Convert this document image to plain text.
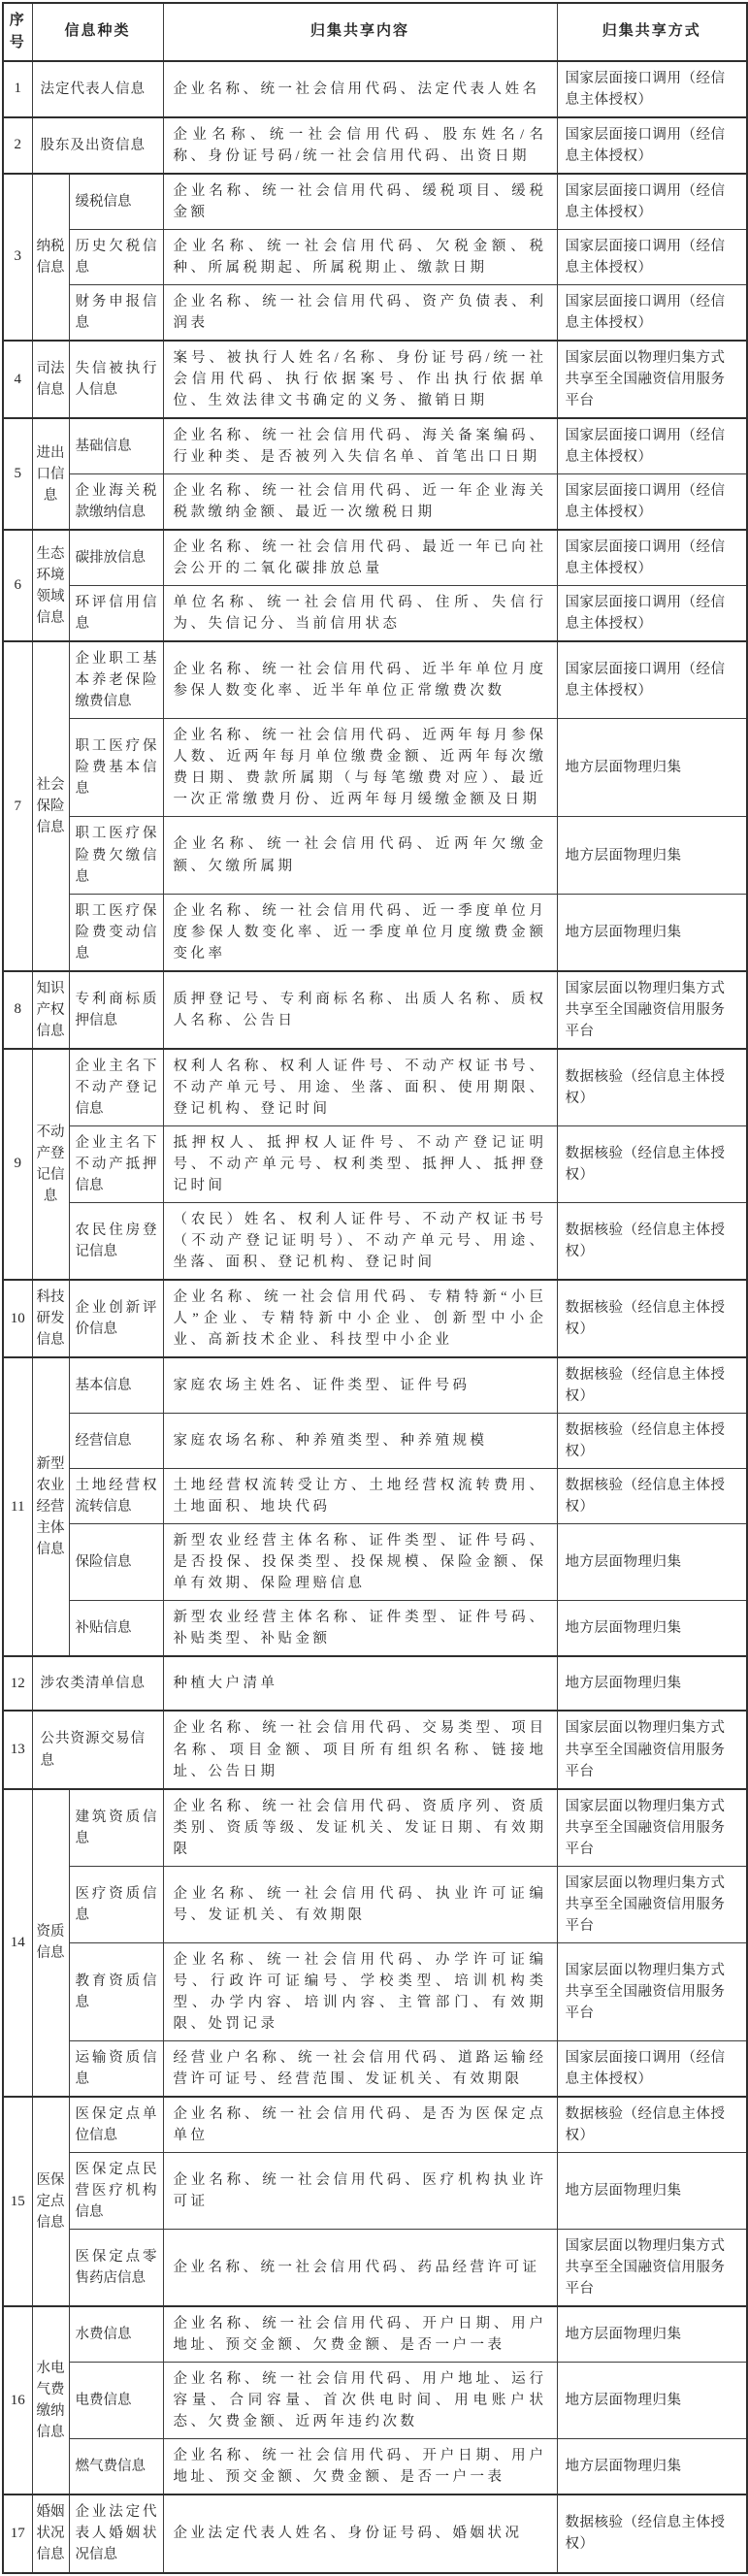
序号	信息种类		归集共享内容	归集共享方式
1	法定代表人信息		企业名称、统一社会信用代码、法定代表人姓名	国家层面接口调用（经信息主体授权）
2	股东及出资信息		企业名称、统一社会信用代码、股东姓名/名称、身份证号码/统一社会信用代码、出资日期	国家层面接口调用（经信息主体授权）
3	纳税信息	缓税信息	企业名称、统一社会信用代码、缓税项目、缓税金额	国家层面接口调用（经信息主体授权）
		历史欠税信息	企业名称、统一社会信用代码、欠税金额、税种、所属税期起、所属税期止、缴款日期	国家层面接口调用（经信息主体授权）
		财务申报信息	企业名称、统一社会信用代码、资产负债表、利润表	国家层面接口调用（经信息主体授权）
4	司法信息	失信被执行人信息	案号、被执行人姓名/名称、身份证号码/统一社会信用代码、执行依据案号、作出执行依据单位、生效法律文书确定的义务、撤销日期	国家层面以物理归集方式共享至全国融资信用服务平台
5	进出口信息	基础信息	企业名称、统一社会信用代码、海关备案编码、行业种类、是否被列入失信名单、首笔出口日期	国家层面接口调用（经信息主体授权）
		企业海关税款缴纳信息	企业名称、统一社会信用代码、近一年企业海关税款缴纳金额、最近一次缴税日期	国家层面接口调用（经信息主体授权）
6	生态环境领域信息	碳排放信息	企业名称、统一社会信用代码、最近一年已向社会公开的二氧化碳排放总量	国家层面接口调用（经信息主体授权）
		环评信用信息	单位名称、统一社会信用代码、住所、失信行为、失信记分、当前信用状态	国家层面接口调用（经信息主体授权）
7	社会保险信息	企业职工基本养老保险缴费信息	企业名称、统一社会信用代码、近半年单位月度参保人数变化率、近半年单位正常缴费次数	国家层面接口调用（经信息主体授权）
		职工医疗保险费基本信息	企业名称、统一社会信用代码、近两年每月参保人数、近两年每月单位缴费金额、近两年每次缴费日期、费款所属期（与每笔缴费对应）、最近一次正常缴费月份、近两年每月缓缴金额及日期	地方层面物理归集
		职工医疗保险费欠缴信息	企业名称、统一社会信用代码、近两年欠缴金额、欠缴所属期	地方层面物理归集
		职工医疗保险费变动信息	企业名称、统一社会信用代码、近一季度单位月度参保人数变化率、近一季度单位月度缴费金额变化率	地方层面物理归集
8	知识产权信息	专利商标质押信息	质押登记号、专利商标名称、出质人名称、质权人名称、公告日	国家层面以物理归集方式共享至全国融资信用服务平台
9	不动产登记信息	企业主名下不动产登记信息	权利人名称、权利人证件号、不动产权证书号、不动产单元号、用途、坐落、面积、使用期限、登记机构、登记时间	数据核验（经信息主体授权）
		企业主名下不动产抵押信息	抵押权人、抵押权人证件号、不动产登记证明号、不动产单元号、权利类型、抵押人、抵押登记时间	数据核验（经信息主体授权）
		农民住房登记信息	（农民）姓名、权利人证件号、不动产权证书号（不动产登记证明号）、不动产单元号、用途、坐落、面积、登记机构、登记时间	数据核验（经信息主体授权）
10	科技研发信息	企业创新评价信息	企业名称、统一社会信用代码、专精特新“小巨人”企业、专精特新中小企业、创新型中小企业、高新技术企业、科技型中小企业	数据核验（经信息主体授权）
11	新型农业经营主体信息	基本信息	家庭农场主姓名、证件类型、证件号码	数据核验（经信息主体授权）
		经营信息	家庭农场名称、种养殖类型、种养殖规模	数据核验（经信息主体授权）
		土地经营权流转信息	土地经营权流转受让方、土地经营权流转费用、土地面积、地块代码	数据核验（经信息主体授权）
		保险信息	新型农业经营主体名称、证件类型、证件号码、是否投保、投保类型、投保规模、保险金额、保单有效期、保险理赔信息	地方层面物理归集
		补贴信息	新型农业经营主体名称、证件类型、证件号码、补贴类型、补贴金额	地方层面物理归集
12	涉农类清单信息		种植大户清单	地方层面物理归集
13	公共资源交易信息		企业名称、统一社会信用代码、交易类型、项目名称、项目金额、项目所有组织名称、链接地址、公告日期	国家层面以物理归集方式共享至全国融资信用服务平台
14	资质信息	建筑资质信息	企业名称、统一社会信用代码、资质序列、资质类别、资质等级、发证机关、发证日期、有效期限	国家层面以物理归集方式共享至全国融资信用服务平台
		医疗资质信息	企业名称、统一社会信用代码、执业许可证编号、发证机关、有效期限	国家层面以物理归集方式共享至全国融资信用服务平台
		教育资质信息	企业名称、统一社会信用代码、办学许可证编号、行政许可证编号、学校类型、培训机构类型、办学内容、培训内容、主管部门、有效期限、处罚记录	国家层面以物理归集方式共享至全国融资信用服务平台
		运输资质信息	经营业户名称、统一社会信用代码、道路运输经营许可证号、经营范围、发证机关、有效期限	国家层面接口调用（经信息主体授权）
15	医保定点信息	医保定点单位信息	企业名称、统一社会信用代码、是否为医保定点单位	数据核验（经信息主体授权）
		医保定点民营医疗机构信息	企业名称、统一社会信用代码、医疗机构执业许可证	地方层面物理归集
		医保定点零售药店信息	企业名称、统一社会信用代码、药品经营许可证	国家层面以物理归集方式共享至全国融资信用服务平台
16	水电气费缴纳信息	水费信息	企业名称、统一社会信用代码、开户日期、用户地址、预交金额、欠费金额、是否一户一表	地方层面物理归集
		电费信息	企业名称、统一社会信用代码、用户地址、运行容量、合同容量、首次供电时间、用电账户状态、欠费金额、近两年违约次数	地方层面物理归集
		燃气费信息	企业名称、统一社会信用代码、开户日期、用户地址、预交金额、欠费金额、是否一户一表	地方层面物理归集
17	婚姻状况信息	企业法定代表人婚姻状况信息	企业法定代表人姓名、身份证号码、婚姻状况	数据核验（经信息主体授权）
